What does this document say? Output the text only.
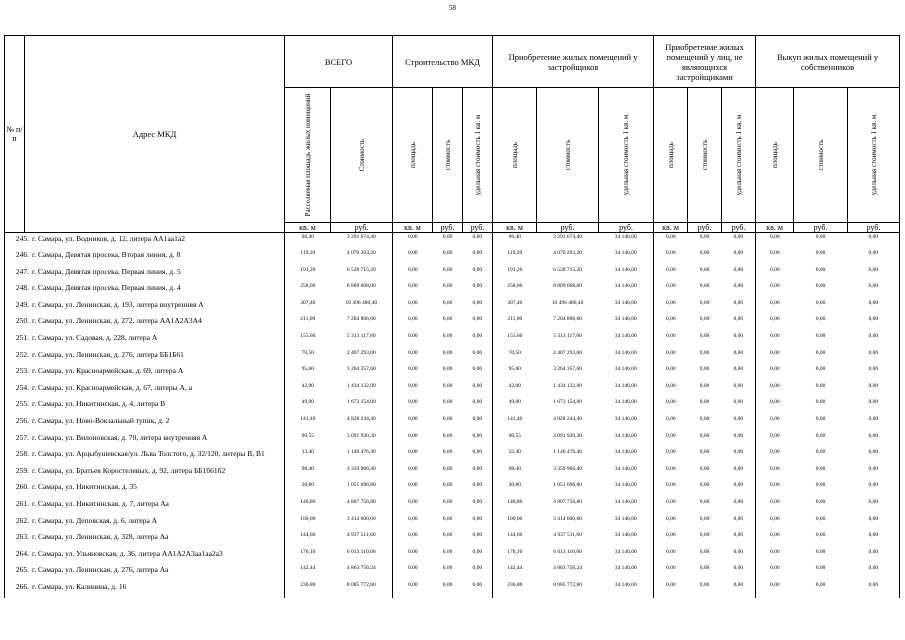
58
№ п/п	Адрес МКД	ВСЕГО		Строительство МКД			Приобретение жилых помещений у застройщиков			Приобретение жилых помещений у лиц, не являющихся застройщиками			Выкуп жилых помещений у собственников		

		Расселяемая площадь жилых помещений	Стоимость	площадь	стоимость	удельная стоимость 1 кв. м	площадь	стоимость	удельная стоимость 1 кв. м	площадь	стоимость	удельная стоимость 1 кв. м	площадь	стоимость	удельная стоимость 1 кв. м

		кв. м	руб.	кв. м	руб.	руб.	кв. м	руб.	руб.	кв. м	руб.	руб.	кв. м	руб.	руб.
245. г. Самара, ул. Водников, д. 12, литера АА1аа1а2		96,40	3 291 674,40	0,00	0,00	0,00	96,40	3 291 674,40	34 146,00	0,00	0,00	0,00	0,00	0,00	0,00
246. г. Самара, Девятая просека, Вторая линия, д. 8		119,20	4 070 203,20	0,00	0,00	0,00	119,20	4 070 203,20	34 146,00	0,00	0,00	0,00	0,00	0,00	0,00
247. г. Самара, Девятая просека, Первая линия, д. 5		191,20	6 528 715,20	0,00	0,00	0,00	191,20	6 528 715,20	34 146,00	0,00	0,00	0,00	0,00	0,00	0,00
248. г. Самара, Девятая просека, Первая линия, д. 4		258,00	8 809 668,00	0,00	0,00	0,00	258,00	8 809 668,00	34 146,00	0,00	0,00	0,00	0,00	0,00	0,00
249. г. Самара, ул. Ленинская, д. 193, литера внутренняя А		307,40	10 496 480,40	0,00	0,00	0,00	307,40	10 496 480,40	34 146,00	0,00	0,00	0,00	0,00	0,00	0,00
250. г. Самара, ул. Ленинская, д. 272, литера АА1А2А3А4		211,00	7 204 806,00	0,00	0,00	0,00	211,00	7 204 806,00	34 146,00	0,00	0,00	0,00	0,00	0,00	0,00
251. г. Самара, ул. Садовая, д. 228, литера А		155,60	5 313 117,60	0,00	0,00	0,00	155,60	5 313 117,60	34 146,00	0,00	0,00	0,00	0,00	0,00	0,00
252. г. Самара, ул. Ленинская, д. 276, литера ББ1Б61		70,50	2 407 293,00	0,00	0,00	0,00	70,50	2 407 293,00	34 146,00	0,00	0,00	0,00	0,00	0,00	0,00
253. г. Самара, ул. Красноармейская, д. 69, литера А		95,60	3 264 357,60	0,00	0,00	0,00	95,60	3 264 357,60	34 146,00	0,00	0,00	0,00	0,00	0,00	0,00
254. г. Самара, ул. Красноармейская, д. 67, литеры А, а		42,00	1 434 132,00	0,00	0,00	0,00	42,00	1 434 132,00	34 146,00	0,00	0,00	0,00	0,00	0,00	0,00
255. г. Самара, ул. Никитинская, д. 4, литера В		49,00	1 673 154,00	0,00	0,00	0,00	49,00	1 673 154,00	34 146,00	0,00	0,00	0,00	0,00	0,00	0,00
256. г. Самара, ул. Ново-Вокзальный тупик, д. 2		141,40	4 828 244,40	0,00	0,00	0,00	141,40	4 828 244,40	34 146,00	0,00	0,00	0,00	0,00	0,00	0,00
257. г. Самара, ул. Вилоновская, д. 70, литера внутренняя А		90,55	3 091 920,30	0,00	0,00	0,00	90,55	3 091 920,30	34 146,00	0,00	0,00	0,00	0,00	0,00	0,00
258. г. Самара, ул. Арцыбушевская/ул. Льва Толстого, д. 32/120, литеры В, В1		33,40	1 140 476,40	0,00	0,00	0,00	33,40	1 140 476,40	34 146,00	0,00	0,00	0,00	0,00	0,00	0,00
259. г. Самара, ул. Братьев Коростелевых, д. 92, литера ББ1б61б2		98,40	3 359 966,40	0,00	0,00	0,00	98,40	3 359 966,40	34 146,00	0,00	0,00	0,00	0,00	0,00	0,00
260. г. Самара, ул. Никитинская, д. 35		30,80	1 051 696,80	0,00	0,00	0,00	30,80	1 051 696,80	34 146,00	0,00	0,00	0,00	0,00	0,00	0,00
261. г. Самара, ул. Никитинская, д. 7, литера Аа		140,80	4 807 756,80	0,00	0,00	0,00	140,80	4 807 756,80	34 146,00	0,00	0,00	0,00	0,00	0,00	0,00
262. г. Самара, ул. Деповская, д. 6, литера А		100,00	3 414 600,00	0,00	0,00	0,00	100,00	3 414 600,00	34 146,00	0,00	0,00	0,00	0,00	0,00	0,00
263. г. Самара, ул. Ленинская, д. 328, литера Аа		144,60	4 937 511,60	0,00	0,00	0,00	144,60	4 937 511,60	34 146,00	0,00	0,00	0,00	0,00	0,00	0,00
264. г. Самара, ул. Ульяновская, д. 36, литера АА1А2А3аа1аа2а3		176,10	6 013 110,60	0,00	0,00	0,00	176,10	6 013 110,60	34 146,00	0,00	0,00	0,00	0,00	0,00	0,00
265. г. Самара, ул. Ленинская, д. 276, литера Аа		142,44	4 863 756,24	0,00	0,00	0,00	142,44	4 863 756,24	34 146,00	0,00	0,00	0,00	0,00	0,00	0,00
266. г. Самара, ул. Калинина, д. 16		236,80	8 085 772,80	0,00	0,00	0,00	236,80	8 085 772,80	34 146,00	0,00	0,00	0,00	0,00	0,00	0,00
